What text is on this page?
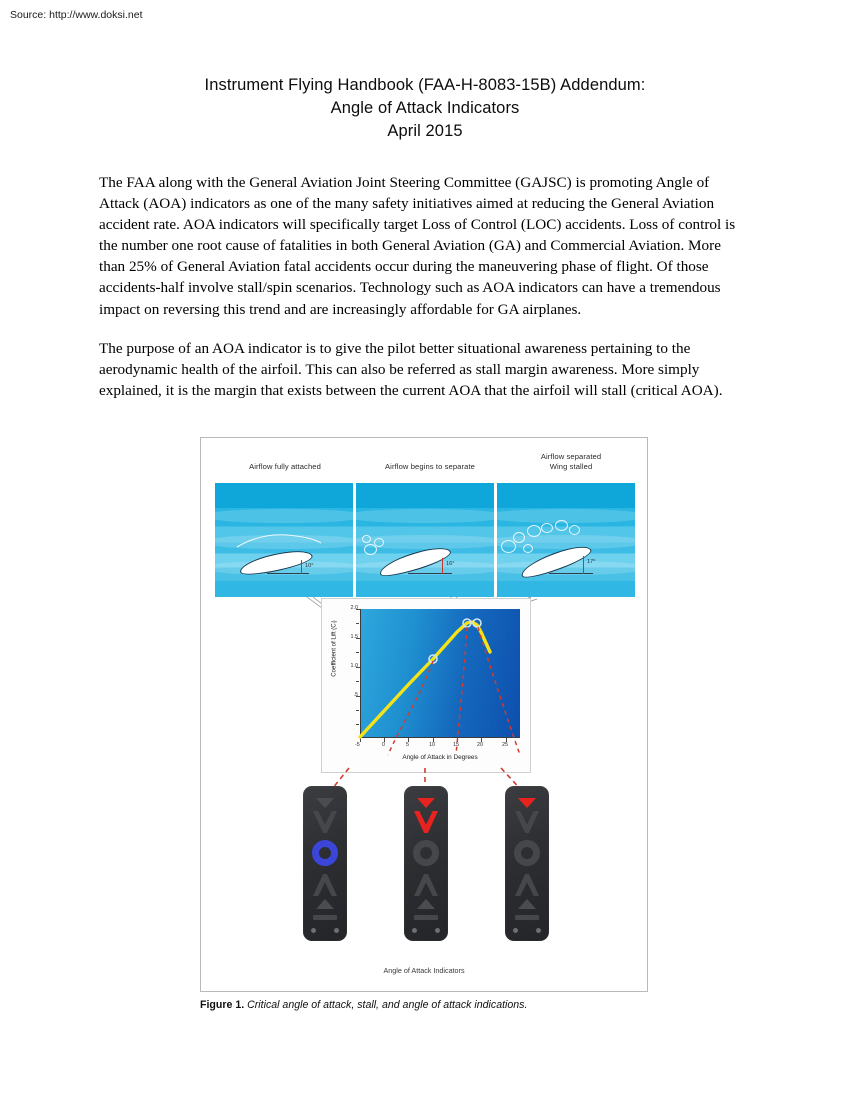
Source: http://www.doksi.net
Instrument Flying Handbook (FAA-H-8083-15B) Addendum:
Angle of Attack Indicators
April 2015

The FAA along with the General Aviation Joint Steering Committee (GAJSC) is promoting Angle of Attack (AOA) indicators as one of the many safety initiatives aimed at reducing the General Aviation accident rate. AOA indicators will specifically target Loss of Control (LOC) accidents. Loss of control is the number one root cause of fatalities in both General Aviation (GA) and Commercial Aviation. More than 25% of General Aviation fatal accidents occur during the maneuvering phase of flight. Of those accidents-half involve stall/spin scenarios. Technology such as AOA indicators can have a tremendous impact on reversing this trend and are increasingly affordable for GA airplanes.

The purpose of an AOA indicator is to give the pilot better situational awareness pertaining to the aerodynamic health of the airfoil. This can also be referred as stall margin awareness. More simply explained, it is the margin that exists between the current AOA that the airfoil will stall (critical AOA).

Airflow fully attached	Airflow begins to separate
Airflow separated
Wing stalled
10°	16°	17°
2.0
1.5
1.0
.5
-5	0	5	10	15	20	25
Coefficient of Lift (Cₗ)
Angle of Attack in Degrees
Angle of Attack Indicators
Figure 1. Critical angle of attack, stall, and angle of attack indications.
